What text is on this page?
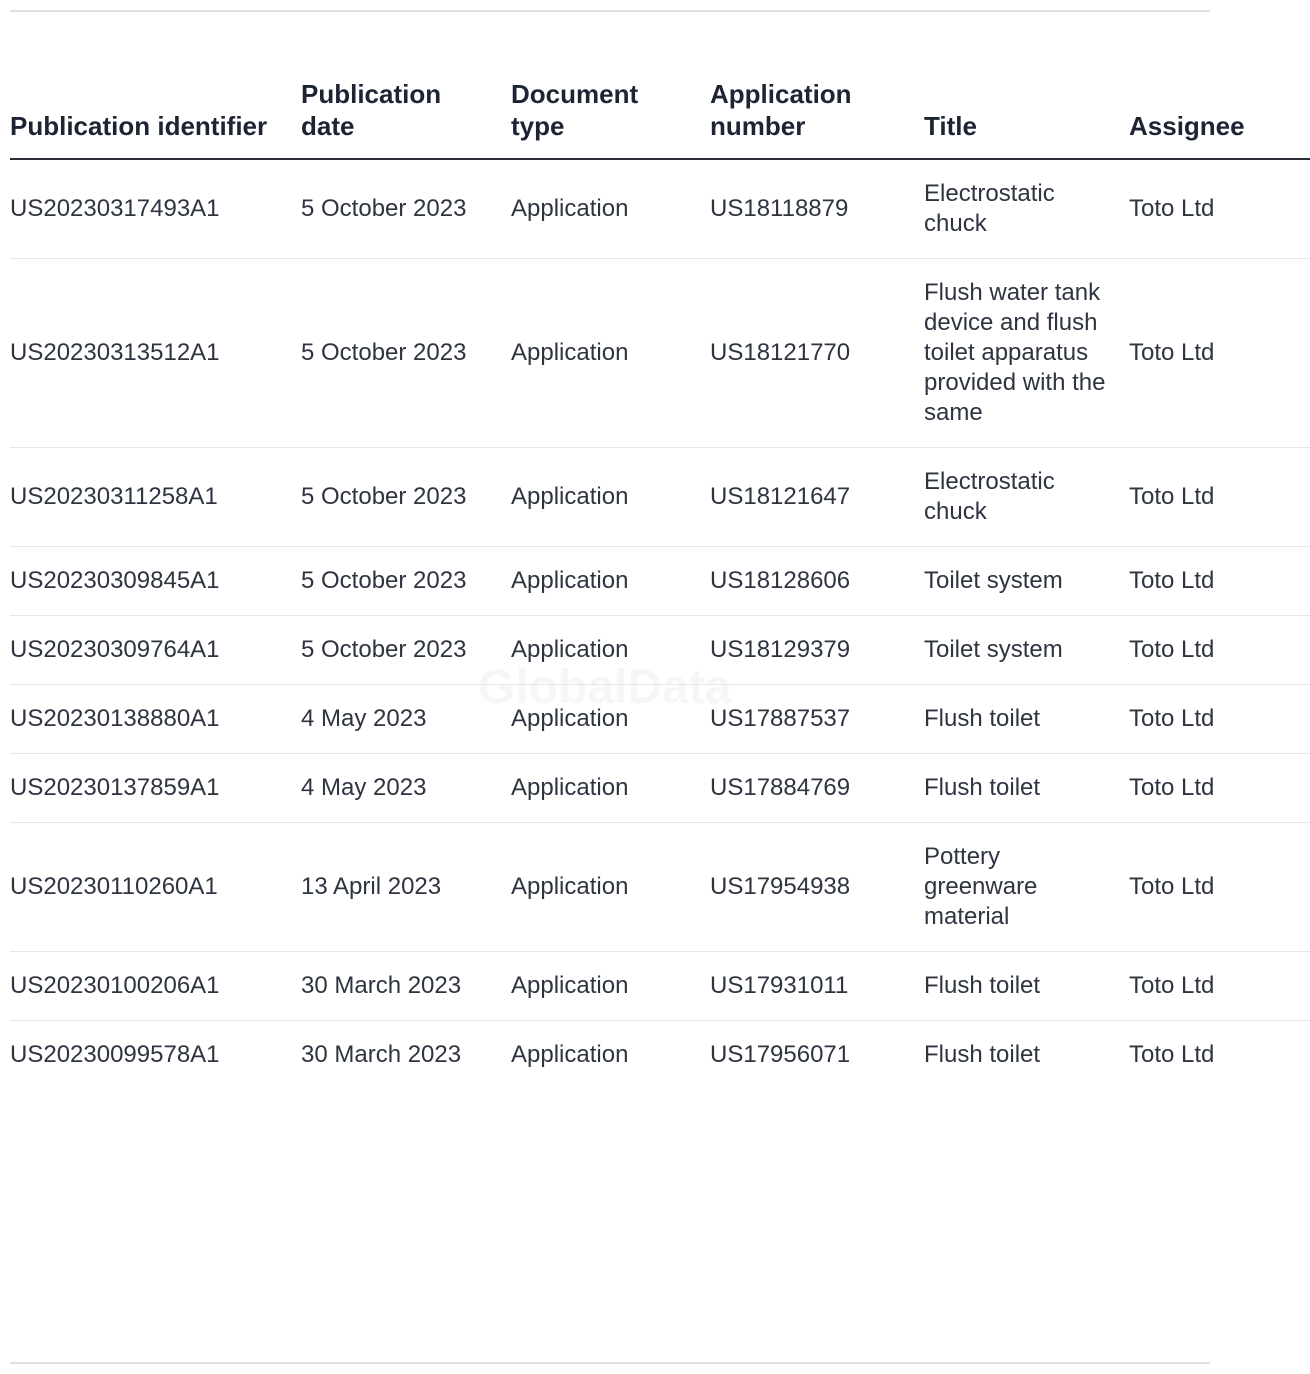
Publication identifier	Publication date	Document type	Application number	Title	Assignee
US20230317493A1	5 October 2023	Application	US18118879	Electrostatic chuck	Toto Ltd
US20230313512A1	5 October 2023	Application	US18121770	Flush water tank device and flush toilet apparatus provided with the same	Toto Ltd
US20230311258A1	5 October 2023	Application	US18121647	Electrostatic chuck	Toto Ltd
US20230309845A1	5 October 2023	Application	US18128606	Toilet system	Toto Ltd
US20230309764A1	5 October 2023	Application	US18129379	Toilet system	Toto Ltd
US20230138880A1	4 May 2023	Application	US17887537	Flush toilet	Toto Ltd
US20230137859A1	4 May 2023	Application	US17884769	Flush toilet	Toto Ltd
US20230110260A1	13 April 2023	Application	US17954938	Pottery greenware material	Toto Ltd
US20230100206A1	30 March 2023	Application	US17931011	Flush toilet	Toto Ltd
US20230099578A1	30 March 2023	Application	US17956071	Flush toilet	Toto Ltd
